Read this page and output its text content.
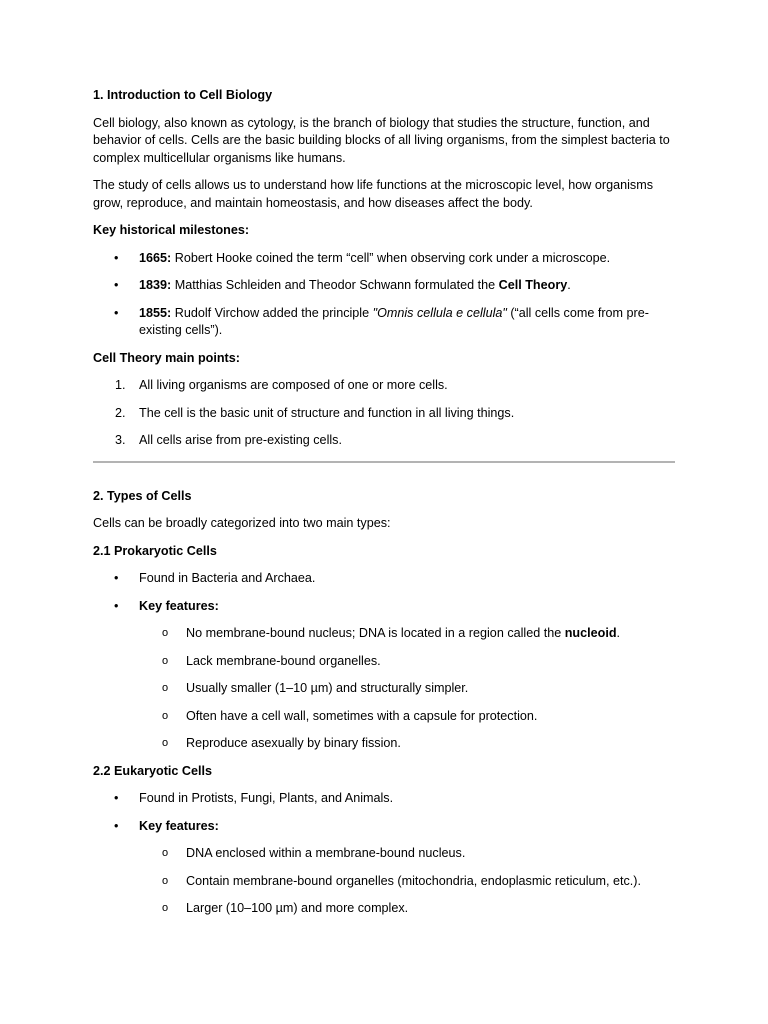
1. Introduction to Cell Biology

Cell biology, also known as cytology, is the branch of biology that studies the structure, function, and behavior of cells. Cells are the basic building blocks of all living organisms, from the simplest bacteria to complex multicellular organisms like humans.

The study of cells allows us to understand how life functions at the microscopic level, how organisms grow, reproduce, and maintain homeostasis, and how diseases affect the body.

Key historical milestones:
• 1665: Robert Hooke coined the term “cell” when observing cork under a microscope.
• 1839: Matthias Schleiden and Theodor Schwann formulated the Cell Theory.
• 1855: Rudolf Virchow added the principle "Omnis cellula e cellula" (“all cells come from pre-existing cells”).
Cell Theory main points:
1. All living organisms are composed of one or more cells.
2. The cell is the basic unit of structure and function in all living things.
3. All cells arise from pre-existing cells.
2. Types of Cells

Cells can be broadly categorized into two main types:

2.1 Prokaryotic Cells
• Found in Bacteria and Archaea.
• Key features:
o No membrane-bound nucleus; DNA is located in a region called the nucleoid.
o Lack membrane-bound organelles.
o Usually smaller (1–10 µm) and structurally simpler.
o Often have a cell wall, sometimes with a capsule for protection.
o Reproduce asexually by binary fission.
2.2 Eukaryotic Cells
• Found in Protists, Fungi, Plants, and Animals.
• Key features:
o DNA enclosed within a membrane-bound nucleus.
o Contain membrane-bound organelles (mitochondria, endoplasmic reticulum, etc.).
o Larger (10–100 µm) and more complex.
